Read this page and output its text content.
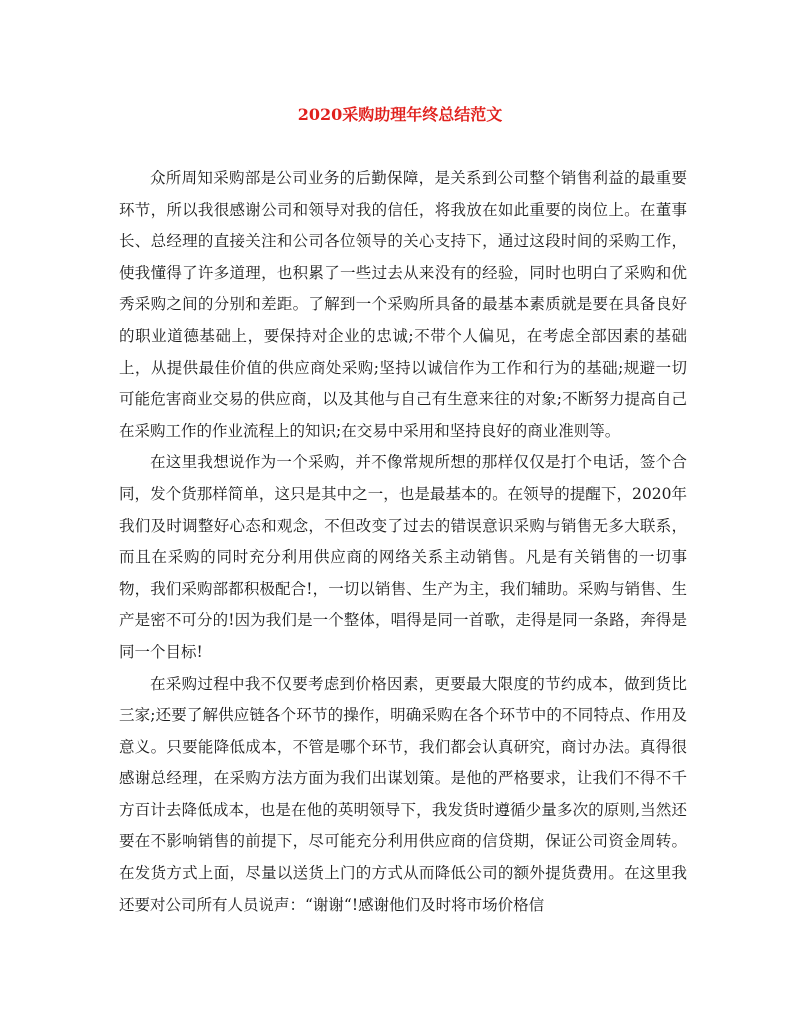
2020采购助理年终总结范文

众所周知采购部是公司业务的后勤保障，是关系到公司整个销售利益的最重要环节，所以我很感谢公司和领导对我的信任，将我放在如此重要的岗位上。在董事长、总经理的直接关注和公司各位领导的关心支持下，通过这段时间的采购工作，使我懂得了许多道理，也积累了一些过去从来没有的经验，同时也明白了采购和优秀采购之间的分别和差距。了解到一个采购所具备的最基本素质就是要在具备良好的职业道德基础上，要保持对企业的忠诚;不带个人偏见，在考虑全部因素的基础上，从提供最佳价值的供应商处采购;坚持以诚信作为工作和行为的基础;规避一切可能危害商业交易的供应商，以及其他与自己有生意来往的对象;不断努力提高自己在采购工作的作业流程上的知识;在交易中采用和坚持良好的商业准则等。

在这里我想说作为一个采购，并不像常规所想的那样仅仅是打个电话，签个合同，发个货那样简单，这只是其中之一，也是最基本的。在领导的提醒下，2020年我们及时调整好心态和观念，不但改变了过去的错误意识采购与销售无多大联系，而且在采购的同时充分利用供应商的网络关系主动销售。凡是有关销售的一切事物，我们采购部都积极配合!，一切以销售、生产为主，我们辅助。采购与销售、生产是密不可分的!因为我们是一个整体，唱得是同一首歌，走得是同一条路，奔得是同一个目标!

在采购过程中我不仅要考虑到价格因素，更要最大限度的节约成本，做到货比三家;还要了解供应链各个环节的操作，明确采购在各个环节中的不同特点、作用及意义。只要能降低成本，不管是哪个环节，我们都会认真研究，商讨办法。真得很感谢总经理，在采购方法方面为我们出谋划策。是他的严格要求，让我们不得不千方百计去降低成本，也是在他的英明领导下，我发货时遵循少量多次的原则,当然还要在不影响销售的前提下，尽可能充分利用供应商的信贷期，保证公司资金周转。在发货方式上面，尽量以送货上门的方式从而降低公司的额外提货费用。在这里我还要对公司所有人员说声：“谢谢“!感谢他们及时将市场价格信
